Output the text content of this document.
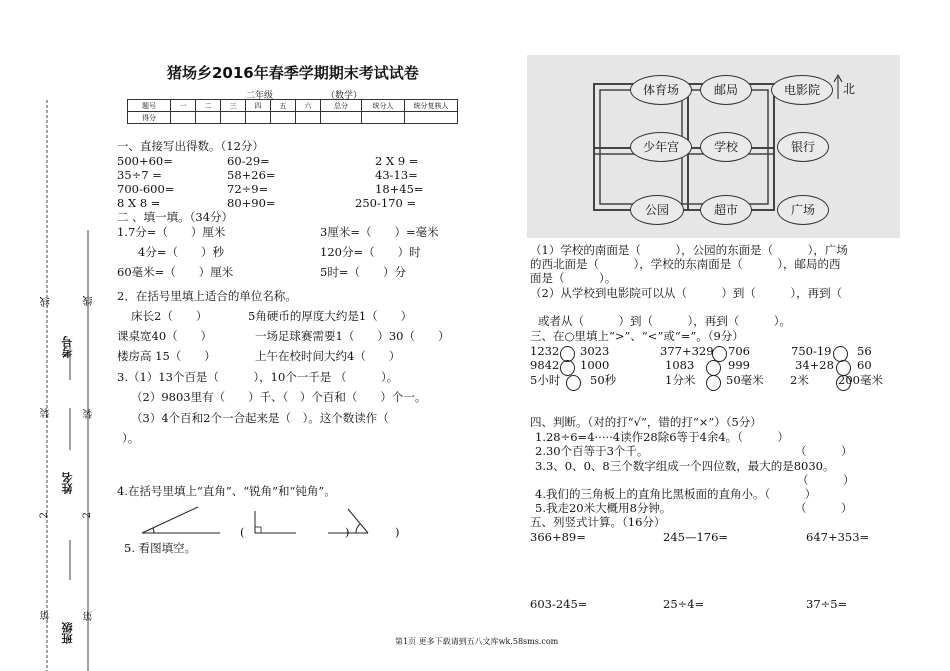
线
装
2
第
线
考号
装
姓名
2
第
班级
猪场乡2016年春季学期期末考试试卷
二年级	（数学）
题号	一	二	三	四	五	六	总分	统分人	统分复核人
得分									
一、直接写出得数。（12分）
500+60=	60-29=	2 X 9 =
35÷7 =	58+26=	43-13=
700-600=	72÷9=	18+45=
8 X 8 =	80+90=	250-170 =
二 、填一填。（34分）
1.7分=（　　）厘米	3厘米=（　　）=毫米
4分=（　　）秒	120分=（　　）时
60毫米=（　　）厘米	5时=（　　）分
2．在括号里填上适合的单位名称。
床长2（　　）	5角硬币的厚度大约是1（　　）
课桌宽40（　　）	一场足球赛需要1（　　）30（　　）
楼房高 15（　　）	上午在校时间大约4（　　）
3.（1）13个百是（　　　），10个一千是 （　　　）。
（2）9803里有（　　）千、（　）个百和（　　）个一。
（3）4个百和2个一合起来是（　）。这个数读作（
）。
4.在括号里填上“直角”、“锐角”和“钝角”。
(	)	)
5. 看图填空。
体育场	邮局	电影院
少年宫	学校	银行
公园	超市	广场
北
（1）学校的南面是（　　　），公园的东面是（　　　），广场
的西北面是（　　　），学校的东南面是（　　　），邮局的西
面是（　　　）。
（2）从学校到电影院可以从（　　　）到（　　　），再到（
或者从（　　　）到（　　　），再到（　　　）。
三、在○里填上“>”、“<”或“=”。（9分）
1232 3023	377+329 706	750-19 56
9842 1000	1083	999	34+28 60
5小时	50秒	1分米	50毫米 2米	200毫米
四、判断。（对的打“√”，错的打“×”）（5分）
1.28÷6=4·····4读作28除6等于4余4。（　　　）
2.30个百等于3个千。	（　　　）
3.3、0、0、8三个数字组成一个四位数，最大的是8030。
（　　　）
4.我们的三角板上的直角比黑板面的直角小。（　　　）
5.我走20米大概用8分钟。	（　　　）
五、列竖式计算。（16分）
366+89=	245—176=	647+353=
603-245=	25÷4=	37÷5=
第1页 更多下载请到五八文库wk.58sms.com
